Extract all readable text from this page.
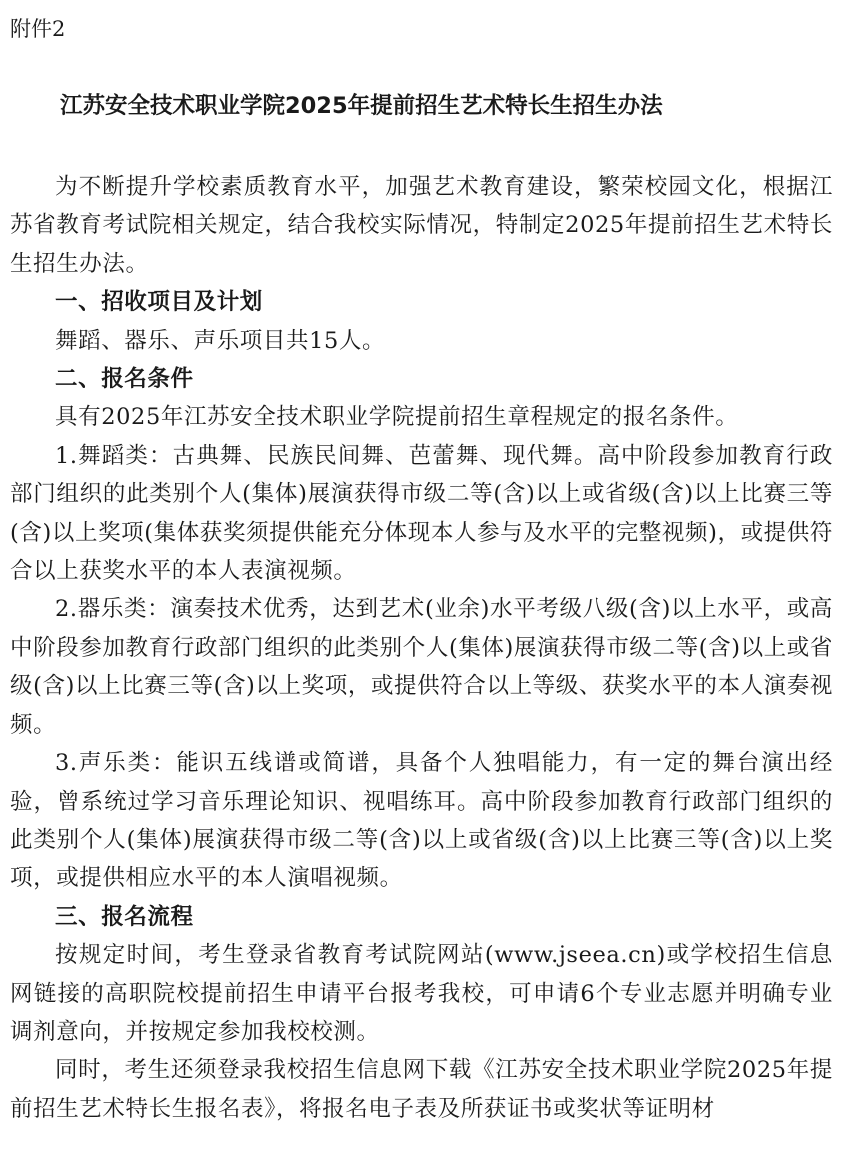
附件2

江苏安全技术职业学院2025年提前招生艺术特长生招生办法

为不断提升学校素质教育水平，加强艺术教育建设，繁荣校园文化，根据江苏省教育考试院相关规定，结合我校实际情况，特制定2025年提前招生艺术特长生招生办法。

一、招收项目及计划

舞蹈、器乐、声乐项目共15人。

二、报名条件

具有2025年江苏安全技术职业学院提前招生章程规定的报名条件。

1.舞蹈类：古典舞、民族民间舞、芭蕾舞、现代舞。高中阶段参加教育行政部门组织的此类别个人(集体)展演获得市级二等(含)以上或省级(含)以上比赛三等(含)以上奖项(集体获奖须提供能充分体现本人参与及水平的完整视频)，或提供符合以上获奖水平的本人表演视频。

2.器乐类：演奏技术优秀，达到艺术(业余)水平考级八级(含)以上水平，或高中阶段参加教育行政部门组织的此类别个人(集体)展演获得市级二等(含)以上或省级(含)以上比赛三等(含)以上奖项，或提供符合以上等级、获奖水平的本人演奏视频。

3.声乐类：能识五线谱或简谱，具备个人独唱能力，有一定的舞台演出经验，曾系统过学习音乐理论知识、视唱练耳。高中阶段参加教育行政部门组织的此类别个人(集体)展演获得市级二等(含)以上或省级(含)以上比赛三等(含)以上奖项，或提供相应水平的本人演唱视频。

三、报名流程

按规定时间，考生登录省教育考试院网站(www.jseea.cn)或学校招生信息网链接的高职院校提前招生申请平台报考我校，可申请6个专业志愿并明确专业调剂意向，并按规定参加我校校测。

同时，考生还须登录我校招生信息网下载《江苏安全技术职业学院2025年提前招生艺术特长生报名表》，将报名电子表及所获证书或奖状等证明材
